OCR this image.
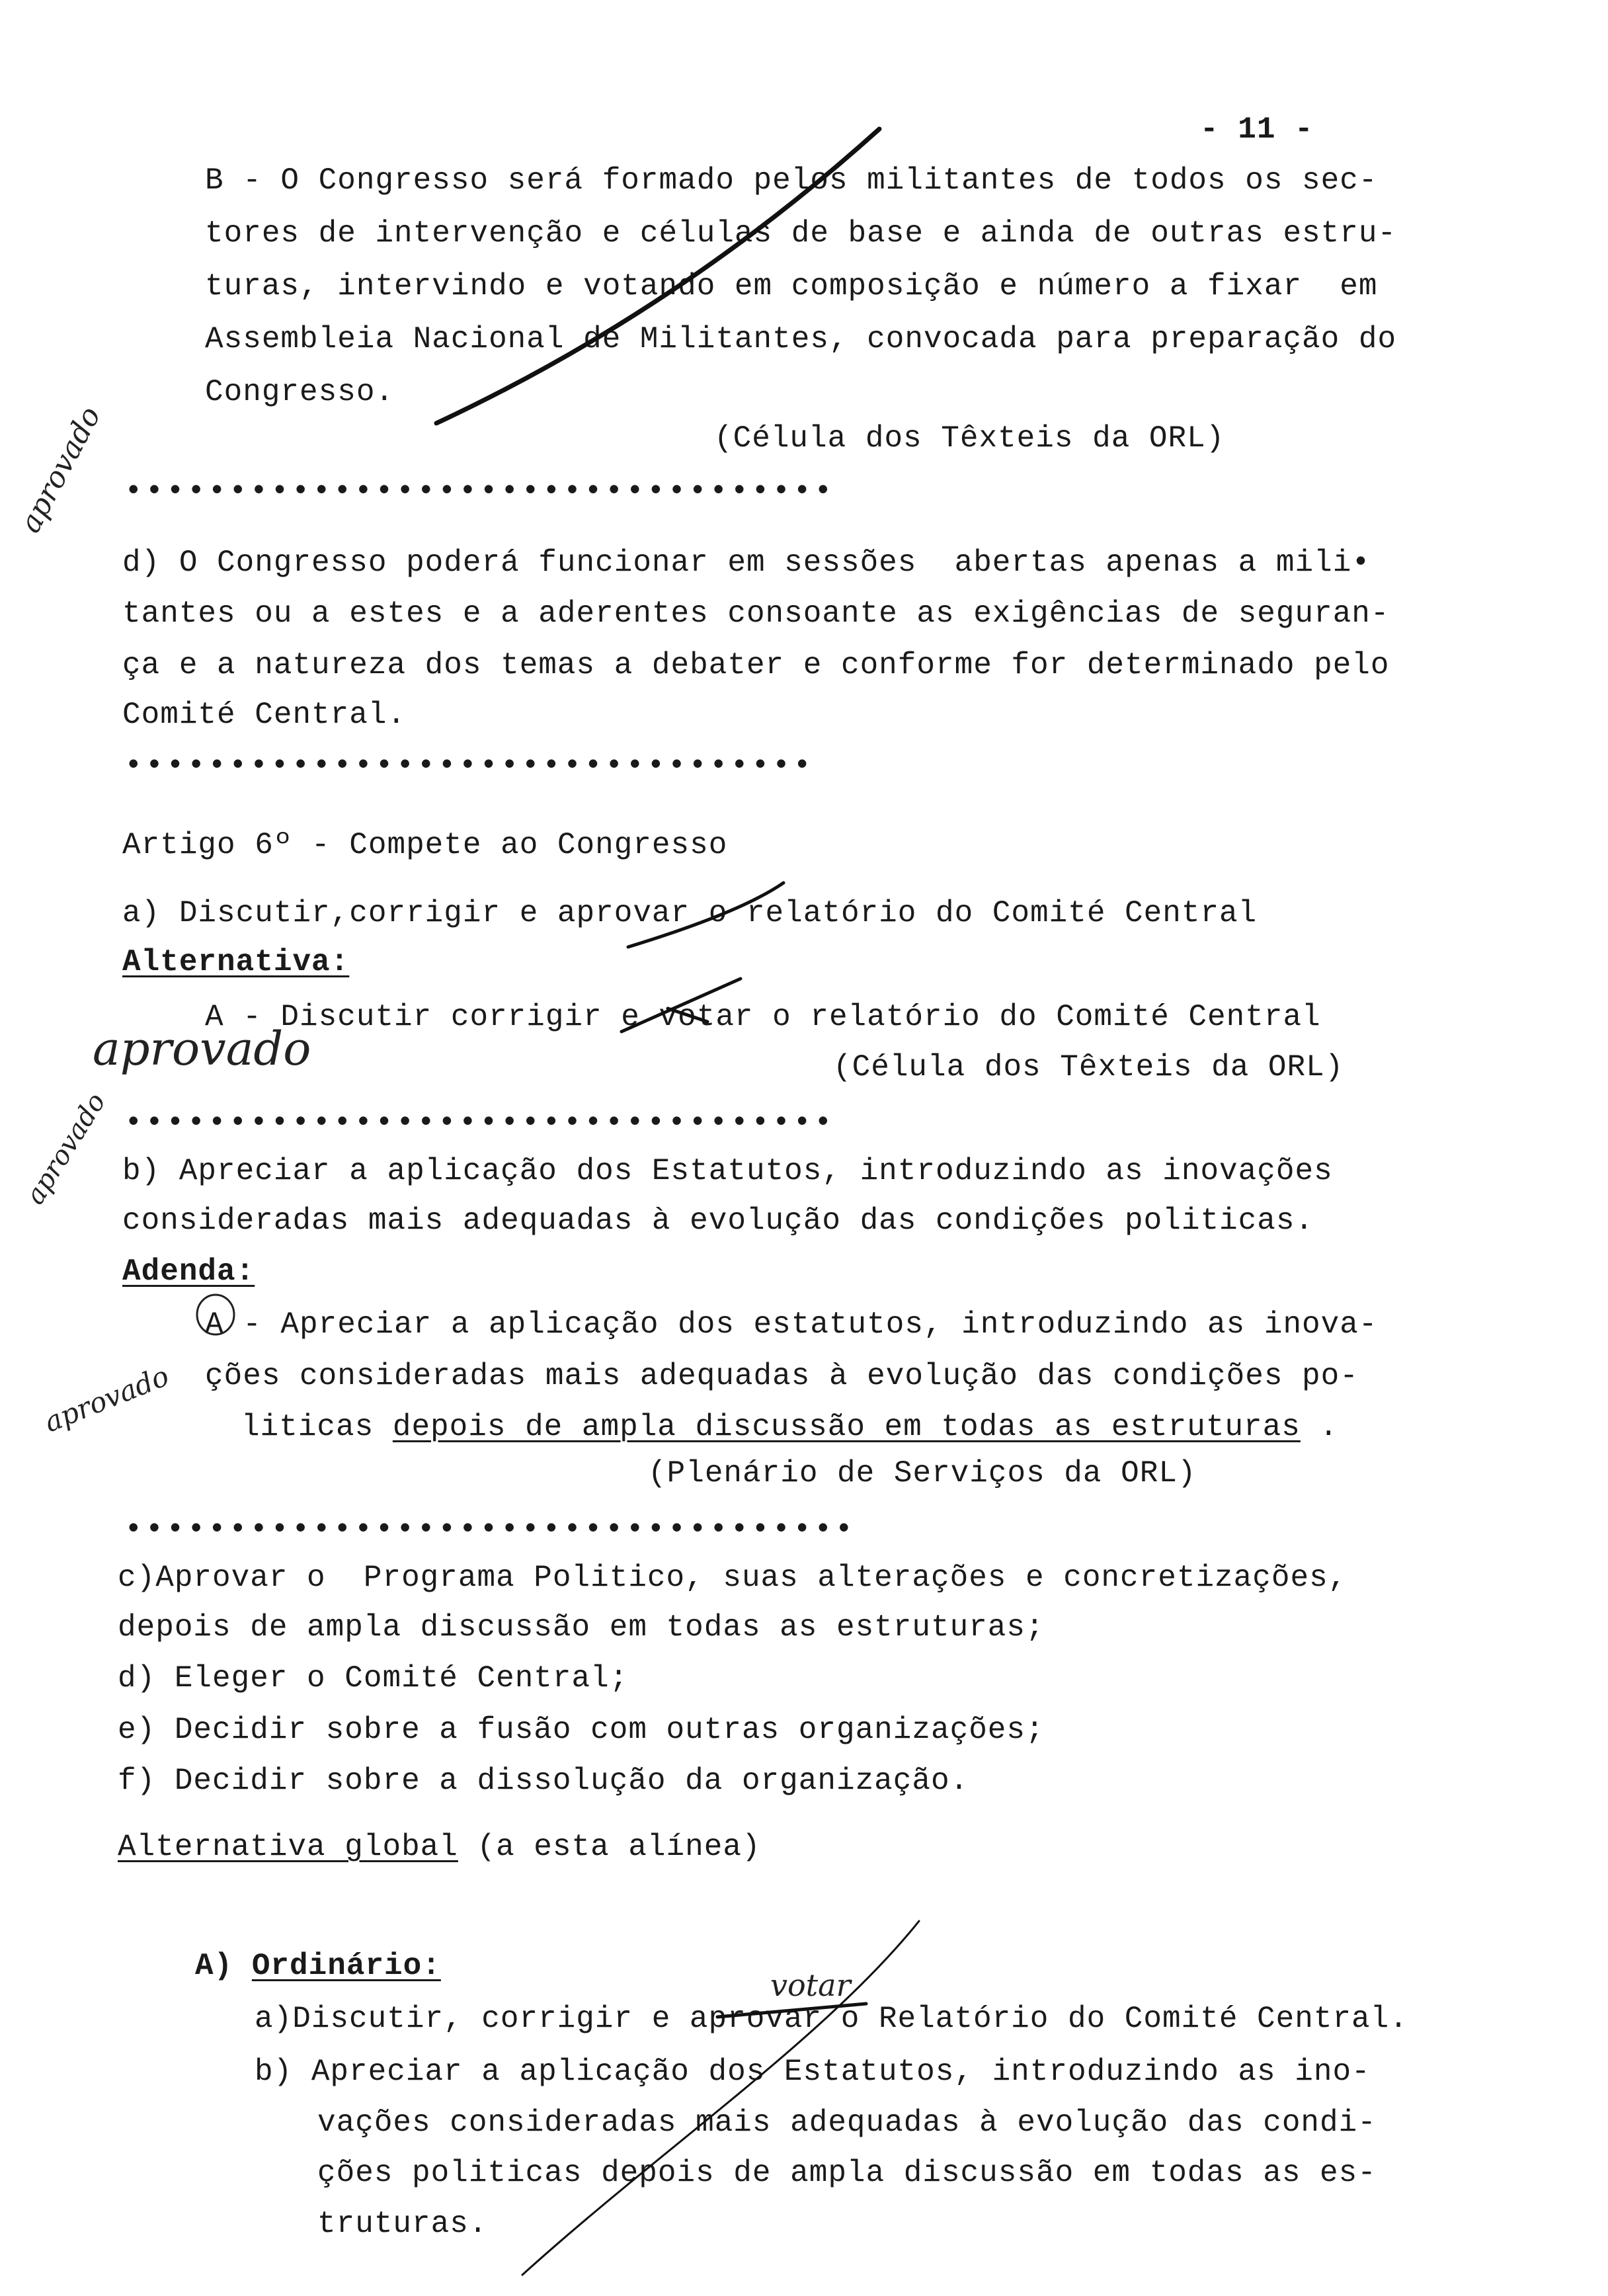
- 11 -

B - O Congresso será formado pelos militantes de todos os sec-

tores de intervenção e células de base e ainda de outras estru-

turas, intervindo e votando em composição e número a fixar  em

Assembleia Nacional de Militantes, convocada para preparação do

Congresso.

(Célula dos Têxteis da ORL)

••••••••••••••••••••••••••••••••••

d) O Congresso poderá funcionar em sessões  abertas apenas a mili•

tantes ou a estes e a aderentes consoante as exigências de seguran-

ça e a natureza dos temas a debater e conforme for determinado pelo

Comité Central.

•••••••••••••••••••••••••••••••••

Artigo 6º - Compete ao Congresso

a) Discutir,corrigir e aprovar o relatório do Comité Central

Alternativa:

A - Discutir corrigir e votar o relatório do Comité Central

(Célula dos Têxteis da ORL)

••••••••••••••••••••••••••••••••••

b) Apreciar a aplicação dos Estatutos, introduzindo as inovações

consideradas mais adequadas à evolução das condições politicas.

Adenda:

A - Apreciar a aplicação dos estatutos, introduzindo as inova-

ções consideradas mais adequadas à evolução das condições po-

liticas depois de ampla discussão em todas as estruturas .

(Plenário de Serviços da ORL)

•••••••••••••••••••••••••••••••••••

c)Aprovar o  Programa Politico, suas alterações e concretizações,

depois de ampla discussão em todas as estruturas;

d) Eleger o Comité Central;

e) Decidir sobre a fusão com outras organizações;

f) Decidir sobre a dissolução da organização.

Alternativa global (a esta alínea)

A) Ordinário:

a)Discutir, corrigir e aprovar o Relatório do Comité Central.

b) Apreciar a aplicação dos Estatutos, introduzindo as ino-

vações consideradas mais adequadas à evolução das condi-

ções politicas depois de ampla discussão em todas as es-

truturas.

aprovado
aprovado
aprovado
aprovado
votar
